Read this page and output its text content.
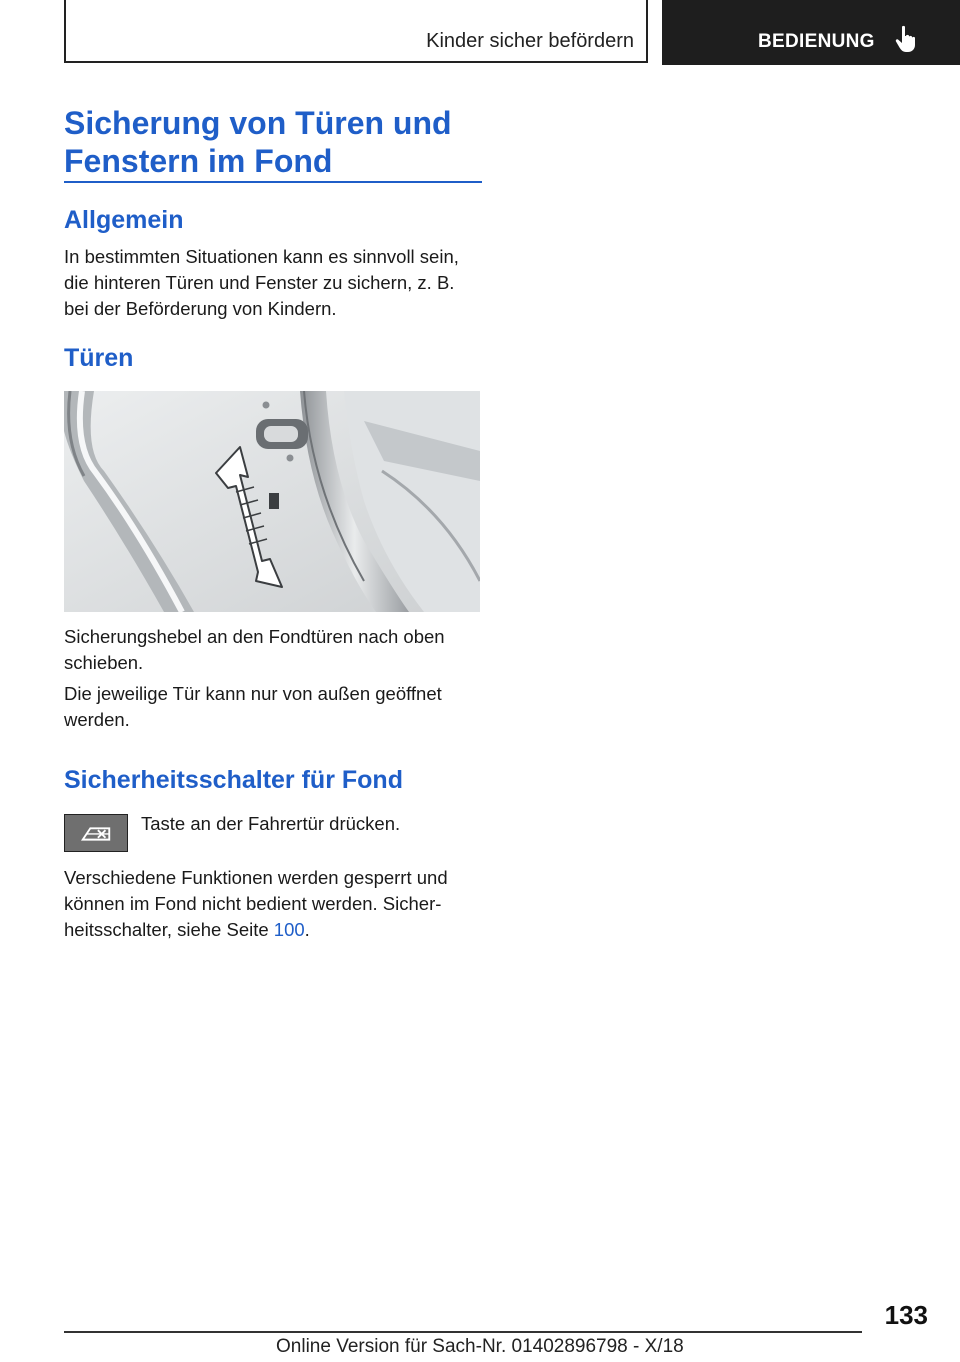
Kinder sicher befördern	BEDIENUNG
Sicherung von Türen und Fenstern im Fond
Allgemein

In bestimmten Situationen kann es sinnvoll sein, die hinteren Türen und Fenster zu sichern, z. B. bei der Beförderung von Kindern.

Türen

Sicherungshebel an den Fondtüren nach oben schieben.

Die jeweilige Tür kann nur von außen geöffnet werden.

Sicherheitsschalter für Fond

Taste an der Fahrertür drücken.

Verschiedene Funktionen werden gesperrt und können im Fond nicht bedient werden. Sicher-heitsschalter, siehe Seite 100.

133
Online Version für Sach-Nr. 01402896798 - X/18
